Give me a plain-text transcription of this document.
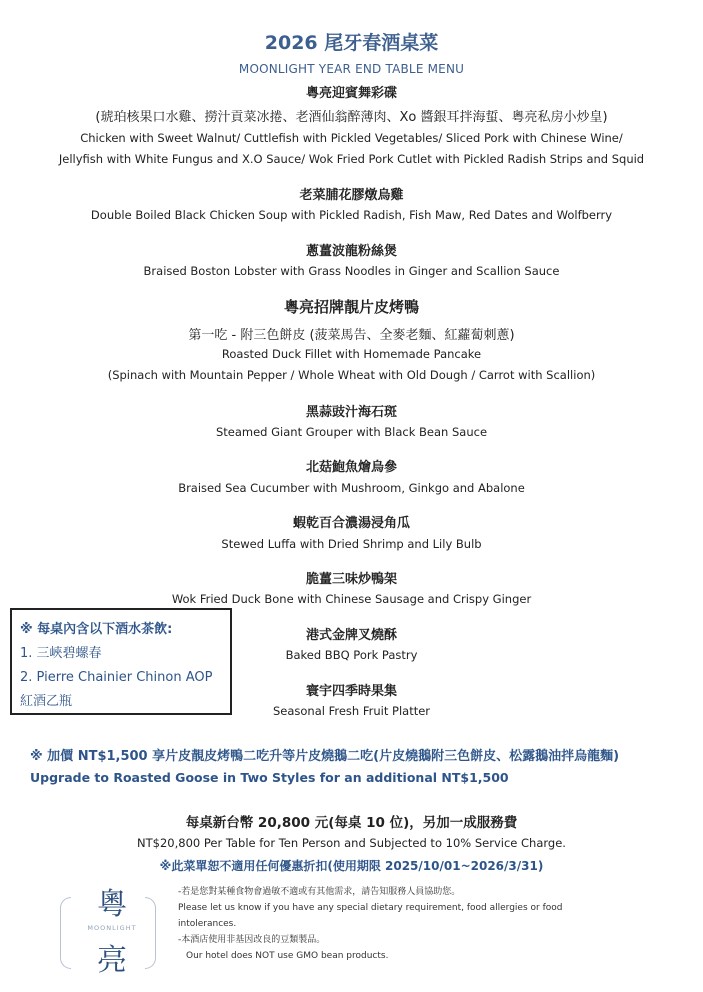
2026 尾牙春酒桌菜
MOONLIGHT YEAR END TABLE MENU
粵亮迎賓舞彩碟
(琥珀核果口水雞、撈汁貢菜冰捲、老酒仙翁醉薄肉、Xo 醬銀耳拌海蜇、粵亮私房小炒皇)
Chicken with Sweet Walnut/ Cuttlefish with Pickled Vegetables/ Sliced Pork with Chinese Wine/
Jellyfish with White Fungus and X.O Sauce/ Wok Fried Pork Cutlet with Pickled Radish Strips and Squid
老菜脯花膠燉烏雞
Double Boiled Black Chicken Soup with Pickled Radish, Fish Maw, Red Dates and Wolfberry
蔥薑波龍粉絲煲
Braised Boston Lobster with Grass Noodles in Ginger and Scallion Sauce
粵亮招牌靚片皮烤鴨
第一吃 - 附三色餅皮 (菠菜馬告、全麥老麵、紅蘿蔔刺蔥)
Roasted Duck Fillet with Homemade Pancake
(Spinach with Mountain Pepper / Whole Wheat with Old Dough / Carrot with Scallion)
黑蒜豉汁海石斑
Steamed Giant Grouper with Black Bean Sauce
北菇鮑魚燴烏參
Braised Sea Cucumber with Mushroom, Ginkgo and Abalone
蝦乾百合濃湯浸角瓜
Stewed Luffa with Dried Shrimp and Lily Bulb
脆薑三味炒鴨架
Wok Fried Duck Bone with Chinese Sausage and Crispy Ginger
港式金牌叉燒酥
Baked BBQ Pork Pastry
寰宇四季時果集
Seasonal Fresh Fruit Platter
※ 每桌內含以下酒水茶飲:
1. 三峽碧螺春
2. Pierre Chainier Chinon AOP
紅酒乙瓶
※ 加價 NT$1,500 享片皮靚皮烤鴨二吃升等片皮燒鵝二吃(片皮燒鵝附三色餅皮、松露鵝油拌烏龍麵)
Upgrade to Roasted Goose in Two Styles for an additional NT$1,500
每桌新台幣 20,800 元(每桌 10 位)，另加一成服務費
NT$20,800 Per Table for Ten Person and Subjected to 10% Service Charge.
※此菜單恕不適用任何優惠折扣(使用期限 2025/10/01~2026/3/31)
粵
MOONLIGHT
亮
-若是您對某種食物會過敏不適或有其他需求，請告知服務人員協助您。
Please let us know if you have any special dietary requirement, food allergies or food
intolerances.
-本酒店使用非基因改良的豆類製品。
Our hotel does NOT use GMO bean products.
